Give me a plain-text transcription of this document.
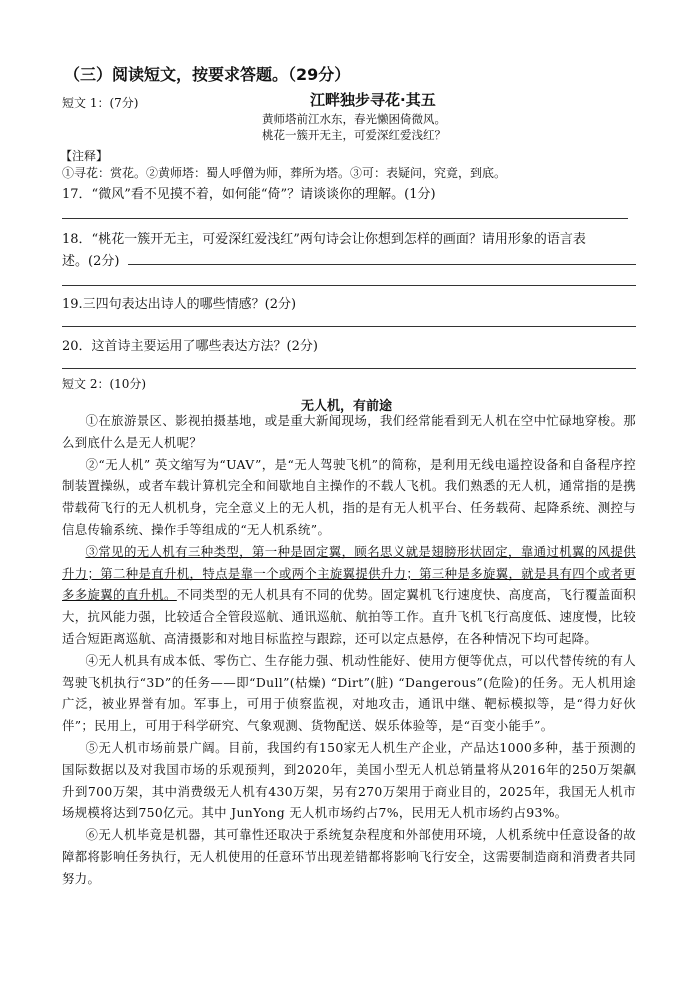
（三）阅读短文，按要求答题。（29分）
短文 1：(7分)	江畔独步寻花·其五
黄师塔前江水东，春光懒困倚微风。
桃花一簇开无主，可爱深红爱浅红？
【注释】
①寻花：赏花。②黄师塔：蜀人呼僧为师，葬所为塔。③可：表疑问，究竟，到底。
17．“微风”看不见摸不着，如何能“倚”？请谈谈你的理解。(1分)
18．“桃花一簇开无主，可爱深红爱浅红”两句诗会让你想到怎样的画面？请用形象的语言表
述。(2分)
19.三四句表达出诗人的哪些情感？(2分)
20．这首诗主要运用了哪些表达方法？(2分)
短文 2：(10分)
无人机，有前途

①在旅游景区、影视拍摄基地，或是重大新闻现场，我们经常能看到无人机在空中忙碌地穿梭。那么到底什么是无人机呢？

②“无人机” 英文缩写为“UAV”，是“无人驾驶飞机”的简称，是利用无线电遥控设备和自备程序控制装置操纵，或者车载计算机完全和间歇地自主操作的不载人飞机。我们熟悉的无人机，通常指的是携带载荷飞行的无人机机身，完全意义上的无人机，指的是有无人机平台、任务载荷、起降系统、测控与信息传输系统、操作手等组成的“无人机系统”。

③常见的无人机有三种类型，第一种是固定翼，顾名思义就是翅膀形状固定，靠通过机翼的风提供升力；第二种是直升机，特点是靠一个或两个主旋翼提供升力；第三种是多旋翼，就是具有四个或者更多多旋翼的直升机。不同类型的无人机具有不同的优势。固定翼机飞行速度快、高度高，飞行覆盖面积大，抗风能力强，比较适合全管段巡航、通讯巡航、航拍等工作。直升飞机飞行高度低、速度慢，比较适合短距离巡航、高清摄影和对地目标监控与跟踪，还可以定点悬停，在各种情况下均可起降。

④无人机具有成本低、零伤亡、生存能力强、机动性能好、使用方便等优点，可以代替传统的有人驾驶飞机执行“3D”的任务——即“Dull”(枯燥) “Dirt”(脏) “Dangerous”(危险)的任务。无人机用途广泛，被业界誉有加。军事上，可用于侦察监视，对地攻击，通讯中继、靶标模拟等，是“得力好伙伴”；民用上，可用于科学研究、气象观测、货物配送、娱乐体验等，是“百变小能手”。

⑤无人机市场前景广阔。目前，我国约有150家无人机生产企业，产品达1000多种，基于预测的国际数据以及对我国市场的乐观预判，到2020年，美国小型无人机总销量将从2016年的250万架飙升到700万架，其中消费级无人机有430万架，另有270万架用于商业目的，2025年，我国无人机市场规模将达到750亿元。其中 JunYong 无人机市场约占7%，民用无人机市场约占93%。

⑥无人机毕竟是机器，其可靠性还取决于系统复杂程度和外部使用环境，人机系统中任意设备的故障都将影响任务执行，无人机使用的任意环节出现差错都将影响飞行安全，这需要制造商和消费者共同努力。
